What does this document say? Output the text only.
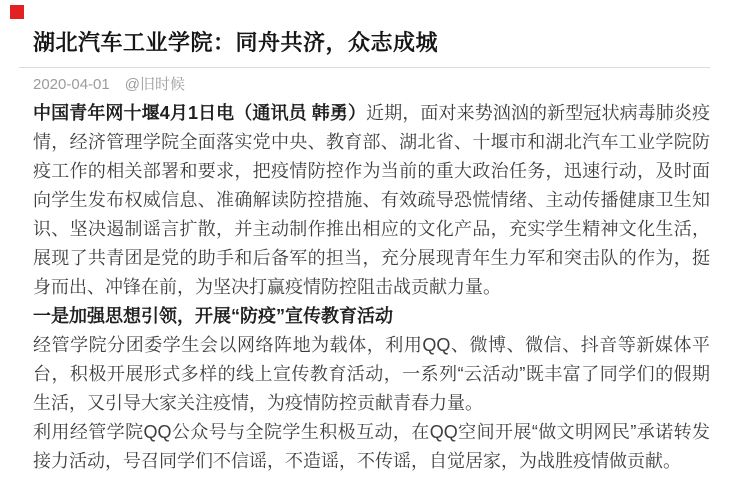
湖北汽车工业学院：同舟共济，众志成城
2020-04-01 @旧时候

中国青年网十堰4月1日电（通讯员 韩勇）近期，面对来势汹汹的新型冠状病毒肺炎疫情，经济管理学院全面落实党中央、教育部、湖北省、十堰市和湖北汽车工业学院防疫工作的相关部署和要求，把疫情防控作为当前的重大政治任务，迅速行动，及时面向学生发布权威信息、准确解读防控措施、有效疏导恐慌情绪、主动传播健康卫生知识、坚决遏制谣言扩散，并主动制作推出相应的文化产品，充实学生精神文化生活，展现了共青团是党的助手和后备军的担当，充分展现青年生力军和突击队的作为，挺身而出、冲锋在前，为坚决打赢疫情防控阻击战贡献力量。

一是加强思想引领，开展“防疫”宣传教育活动

经管学院分团委学生会以网络阵地为载体，利用QQ、微博、微信、抖音等新媒体平台，积极开展形式多样的线上宣传教育活动，一系列“云活动”既丰富了同学们的假期生活，又引导大家关注疫情，为疫情防控贡献青春力量。

利用经管学院QQ公众号与全院学生积极互动，在QQ空间开展“做文明网民”承诺转发接力活动，号召同学们不信谣，不造谣，不传谣，自觉居家，为战胜疫情做贡献。
